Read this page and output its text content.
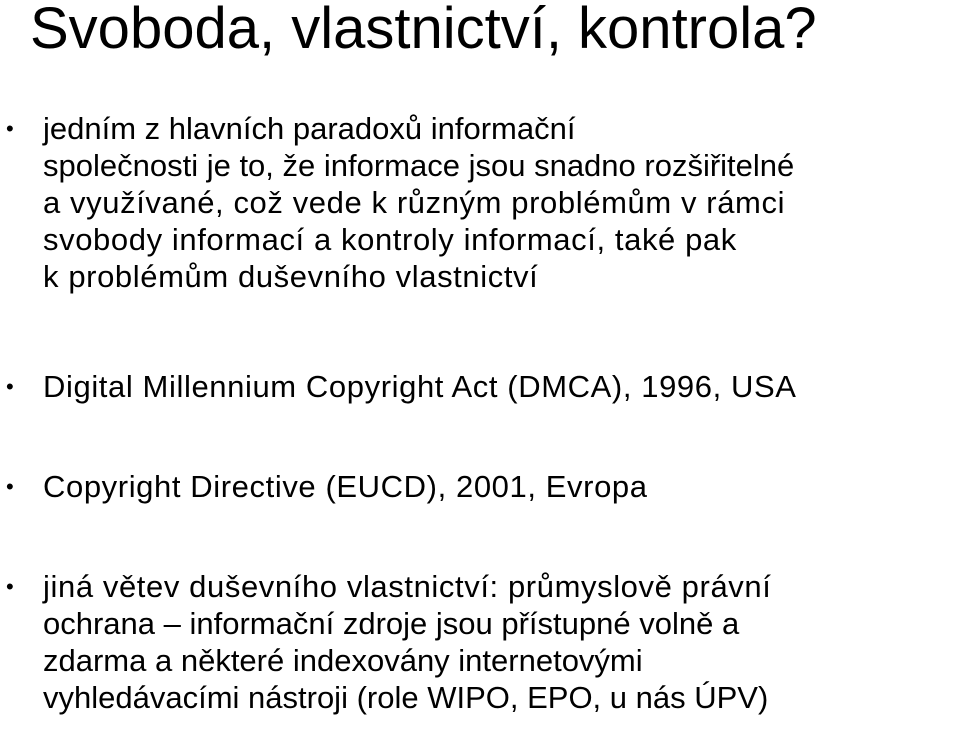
Svoboda, vlastnictví, kontrola?
• jedním z hlavních paradoxů informační
společnosti je to, že informace jsou snadno rozšiřitelné
a využívané, což vede k různým problémům v rámci
svobody informací a kontroly informací, také pak
k problémům duševního vlastnictví
• Digital Millennium Copyright Act (DMCA), 1996, USA
• Copyright Directive (EUCD), 2001, Evropa
• jiná větev duševního vlastnictví: průmyslově právní
ochrana – informační zdroje jsou přístupné volně a
zdarma a některé indexovány internetovými
vyhledávacími nástroji (role WIPO, EPO, u nás ÚPV)
